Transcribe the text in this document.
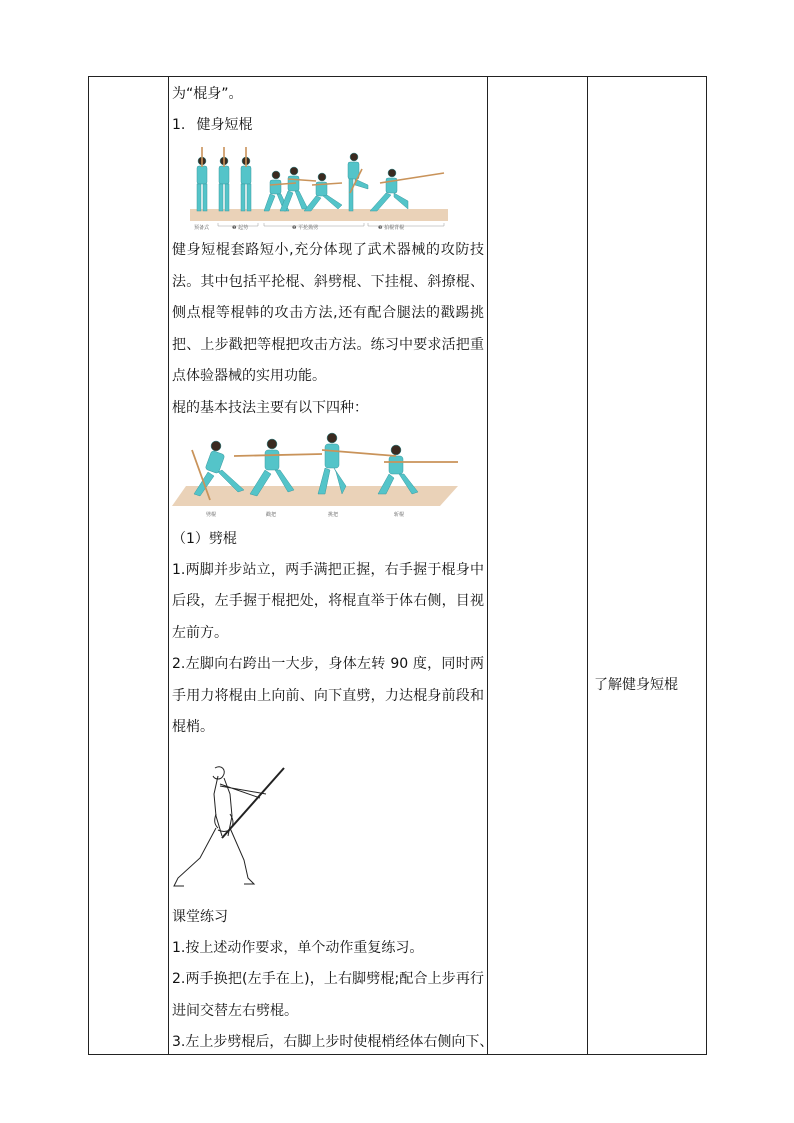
为“棍身”。
1. 健身短棍
预备式	❶ 起势	❷ 平抡拗劈	❸ 拍棍背棍
健身短棍套路短小,充分体现了武术器械的攻防技法。其中包括平抡棍、斜劈棍、下挂棍、斜撩棍、侧点棍等棍韩的攻击方法,还有配合腿法的戳踢挑把、上步戳把等棍把攻击方法。练习中要求活把重点体验器械的实用功能。
棍的基本技法主要有以下四种：
劈棍	戳把	挑把	斩棍
（1）劈棍
1.两脚并步站立，两手满把正握，右手握于棍身中后段，左手握于棍把处，将棍直举于体右侧，目视左前方。
2.左脚向右跨出一大步，身体左转 90 度，同时两手用力将棍由上向前、向下直劈，力达棍身前段和棍梢。
课堂练习
1.按上述动作要求，单个动作重复练习。
2.两手换把(左手在上)，上右脚劈棍;配合上步再行进间交替左右劈棍。
3.左上步劈棍后，右脚上步时使棍梢经体右侧向下、
了解健身短棍
